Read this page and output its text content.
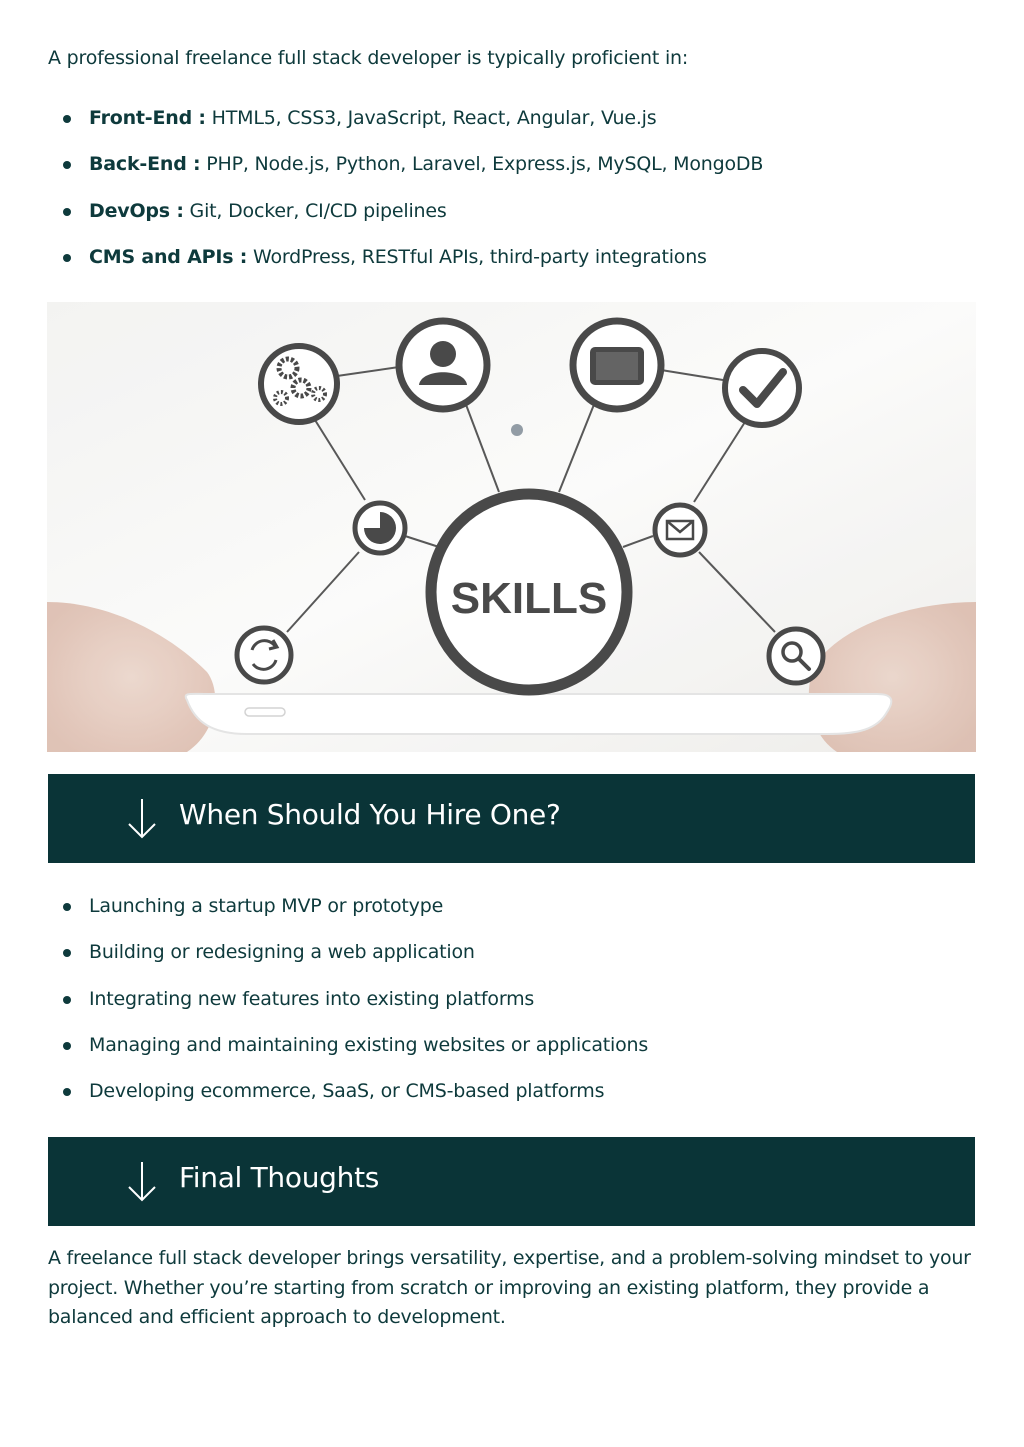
A professional freelance full stack developer is typically proficient in:

Front-End : HTML5, CSS3, JavaScript, React, Angular, Vue.js
Back-End : PHP, Node.js, Python, Laravel, Express.js, MySQL, MongoDB
DevOps : Git, Docker, CI/CD pipelines
CMS and APIs : WordPress, RESTful APIs, third-party integrations
SKILLS
When Should You Hire One?
Launching a startup MVP or prototype
Building or redesigning a web application
Integrating new features into existing platforms
Managing and maintaining existing websites or applications
Developing ecommerce, SaaS, or CMS-based platforms
Final Thoughts

A freelance full stack developer brings versatility, expertise, and a problem-solving mindset to your project. Whether you’re starting from scratch or improving an existing platform, they provide a balanced and efficient approach to development.
